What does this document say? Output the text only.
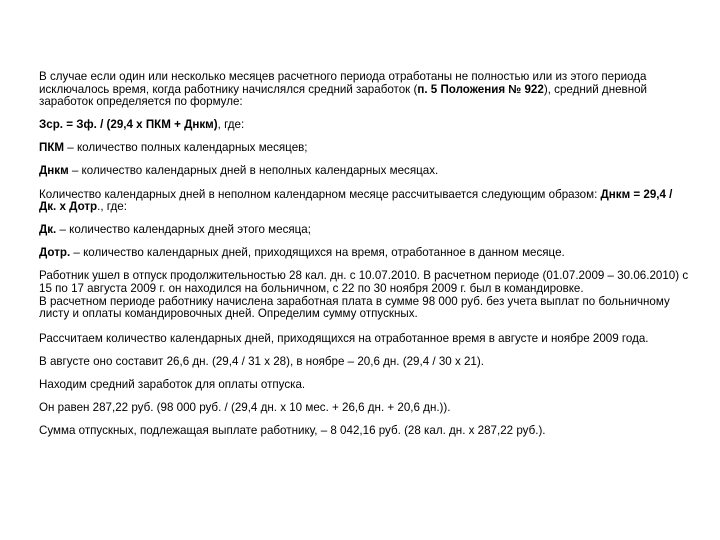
В случае если один или несколько месяцев расчетного периода отработаны не полностью или из этого периода исключалось время, когда работнику начислялся средний заработок (п. 5 Положения № 922), средний дневной заработок определяется по формуле:

Зср. = Зф. / (29,4 х ПКМ + Днкм), где:

ПКМ – количество полных календарных месяцев;

Днкм – количество календарных дней в неполных календарных месяцах.

Количество календарных дней в неполном календарном месяце рассчитывается следующим образом: Днкм = 29,4 / Дк. х Дотр., где:

Дк. – количество календарных дней этого месяца;

Дотр. – количество календарных дней, приходящихся на время, отработанное в данном месяце.

Работник ушел в отпуск продолжительностью 28 кал. дн. с 10.07.2010. В расчетном периоде (01.07.2009 – 30.06.2010) с 15 по 17 августа 2009 г. он находился на больничном, с 22 по 30 ноября 2009 г. был в командировке.

В расчетном периоде работнику начислена заработная плата в сумме 98 000 руб. без учета выплат по больничному листу и оплаты командировочных дней. Определим сумму отпускных.

Рассчитаем количество календарных дней, приходящихся на отработанное время в августе и ноябре 2009 года.

В августе оно составит 26,6 дн. (29,4 / 31 х 28), в ноябре – 20,6 дн. (29,4 / 30 х 21).

Находим средний заработок для оплаты отпуска.

Он равен 287,22 руб. (98 000 руб. / (29,4 дн. х 10 мес. + 26,6 дн. + 20,6 дн.)).

Сумма отпускных, подлежащая выплате работнику, – 8 042,16 руб. (28 кал. дн. х 287,22 руб.).
